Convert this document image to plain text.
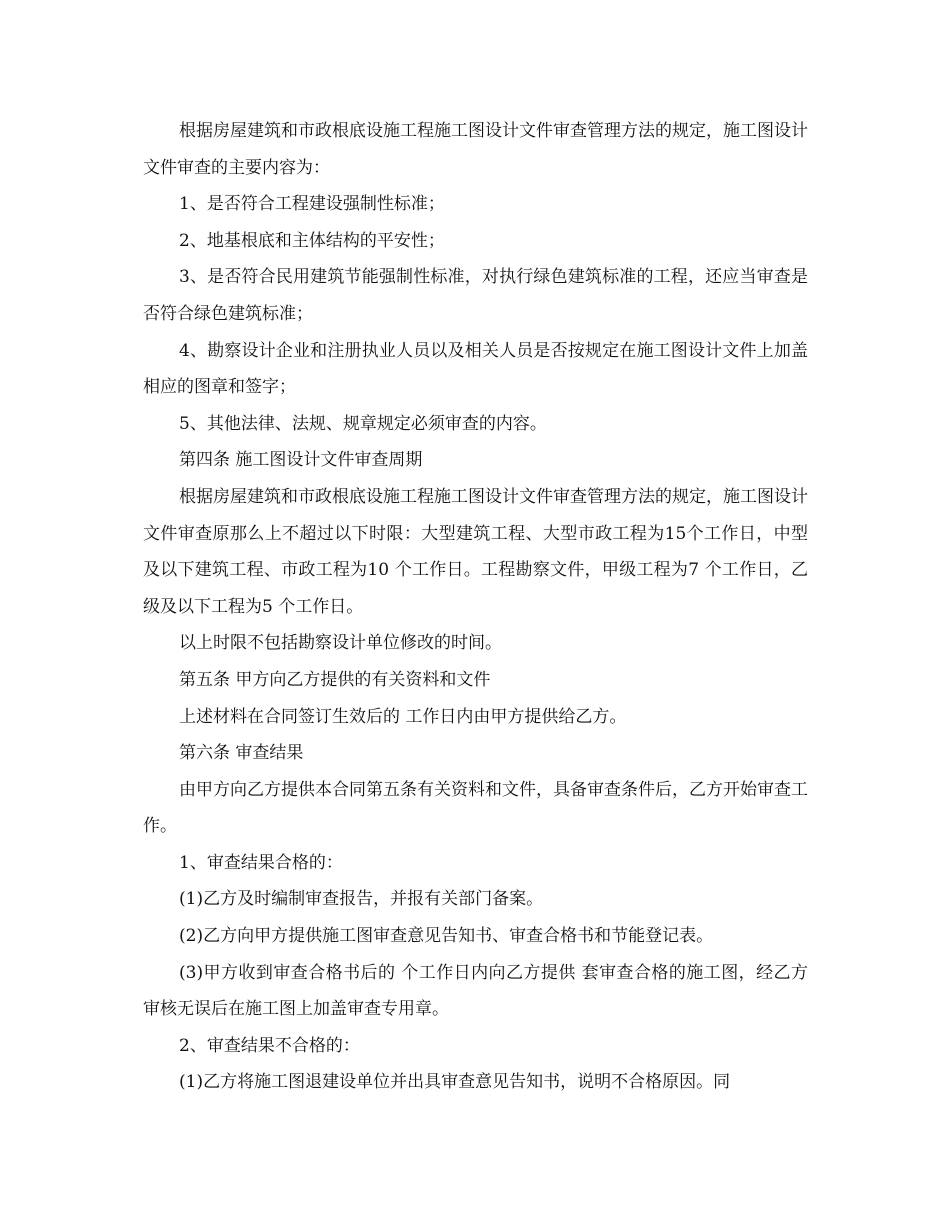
根据房屋建筑和市政根底设施工程施工图设计文件审查管理方法的规定，施工图设计文件审查的主要内容为：

1、是否符合工程建设强制性标准；

2、地基根底和主体结构的平安性；

3、是否符合民用建筑节能强制性标准，对执行绿色建筑标准的工程，还应当审查是否符合绿色建筑标准；

4、勘察设计企业和注册执业人员以及相关人员是否按规定在施工图设计文件上加盖相应的图章和签字；

5、其他法律、法规、规章规定必须审查的内容。

第四条 施工图设计文件审查周期

根据房屋建筑和市政根底设施工程施工图设计文件审查管理方法的规定，施工图设计文件审查原那么上不超过以下时限：大型建筑工程、大型市政工程为15个工作日，中型及以下建筑工程、市政工程为10 个工作日。工程勘察文件，甲级工程为7 个工作日，乙级及以下工程为5 个工作日。

以上时限不包括勘察设计单位修改的时间。

第五条 甲方向乙方提供的有关资料和文件

上述材料在合同签订生效后的 工作日内由甲方提供给乙方。

第六条 审查结果

由甲方向乙方提供本合同第五条有关资料和文件，具备审查条件后，乙方开始审查工作。

1、审查结果合格的：

(1)乙方及时编制审查报告，并报有关部门备案。

(2)乙方向甲方提供施工图审查意见告知书、审查合格书和节能登记表。

(3)甲方收到审查合格书后的 个工作日内向乙方提供 套审查合格的施工图，经乙方审核无误后在施工图上加盖审查专用章。

2、审查结果不合格的：

(1)乙方将施工图退建设单位并出具审查意见告知书，说明不合格原因。同
